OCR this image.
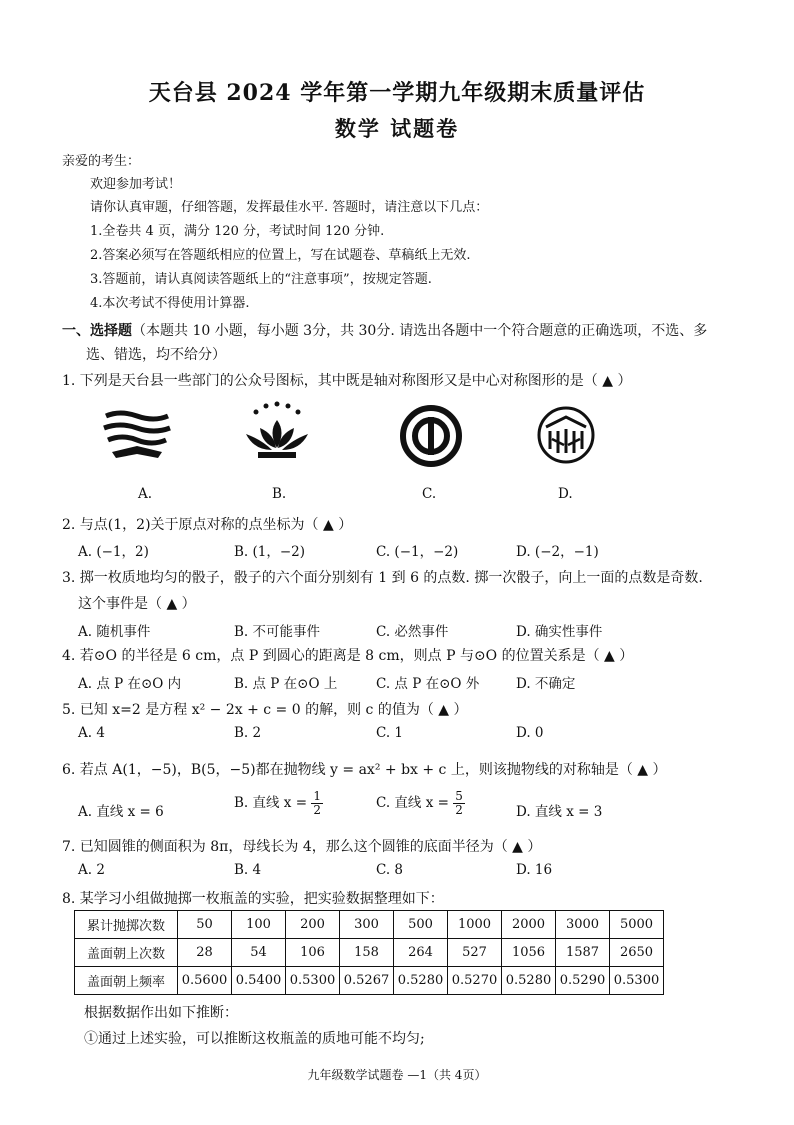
天台县 2024 学年第一学期九年级期末质量评估
数学 试题卷
亲爱的考生：
欢迎参加考试！
请你认真审题，仔细答题，发挥最佳水平. 答题时，请注意以下几点：
1.全卷共 4 页，满分 120 分，考试时间 120 分钟.
2.答案必须写在答题纸相应的位置上，写在试题卷、草稿纸上无效.
3.答题前，请认真阅读答题纸上的“注意事项”，按规定答题.
4.本次考试不得使用计算器.
一、选择题（本题共 10 小题，每小题 3分，共 30分. 请选出各题中一个符合题意的正确选项，不选、多
选、错选，均不给分）
1. 下列是天台县一些部门的公众号图标，其中既是轴对称图形又是中心对称图形的是（ ▲ ）
A.	B.	C.	D.
2. 与点(1，2)关于原点对称的点坐标为（ ▲ ）
A. (−1，2)	B. (1，−2)	C. (−1，−2)	D. (−2，−1)
3. 掷一枚质地均匀的骰子，骰子的六个面分别刻有 1 到 6 的点数. 掷一次骰子，向上一面的点数是奇数.
这个事件是（ ▲ ）
A. 随机事件	B. 不可能事件	C. 必然事件	D. 确实性事件
4. 若⊙O 的半径是 6 cm，点 P 到圆心的距离是 8 cm，则点 P 与⊙O 的位置关系是（ ▲ ）
A. 点 P 在⊙O 内	B. 点 P 在⊙O 上	C. 点 P 在⊙O 外	D. 不确定
5. 已知 x=2 是方程 x² − 2x + c = 0 的解，则 c 的值为（ ▲ ）
A. 4	B. 2	C. 1	D. 0
6. 若点 A(1，−5)，B(5，−5)都在抛物线 y = ax² + bx + c 上，则该抛物线的对称轴是（ ▲ ）
A. 直线 x = 6
B. 直线 $x = \frac{1}{2}$	C. 直线 $x = \frac{5}{2}$	D. 直线 x = 3
7. 已知圆锥的侧面积为 8π，母线长为 4，那么这个圆锥的底面半径为（ ▲ ）
A. 2	B. 4	C. 8	D. 16
8. 某学习小组做抛掷一枚瓶盖的实验，把实验数据整理如下：
累计抛掷次数	50	100	200	300	500	1000	2000	3000	5000
盖面朝上次数	28	54	106	158	264	527	1056	1587	2650
盖面朝上频率	0.5600	0.5400	0.5300	0.5267	0.5280	0.5270	0.5280	0.5290	0.5300
根据数据作出如下推断：
①通过上述实验，可以推断这枚瓶盖的质地可能不均匀;
九年级数学试题卷 —1（共 4页）
